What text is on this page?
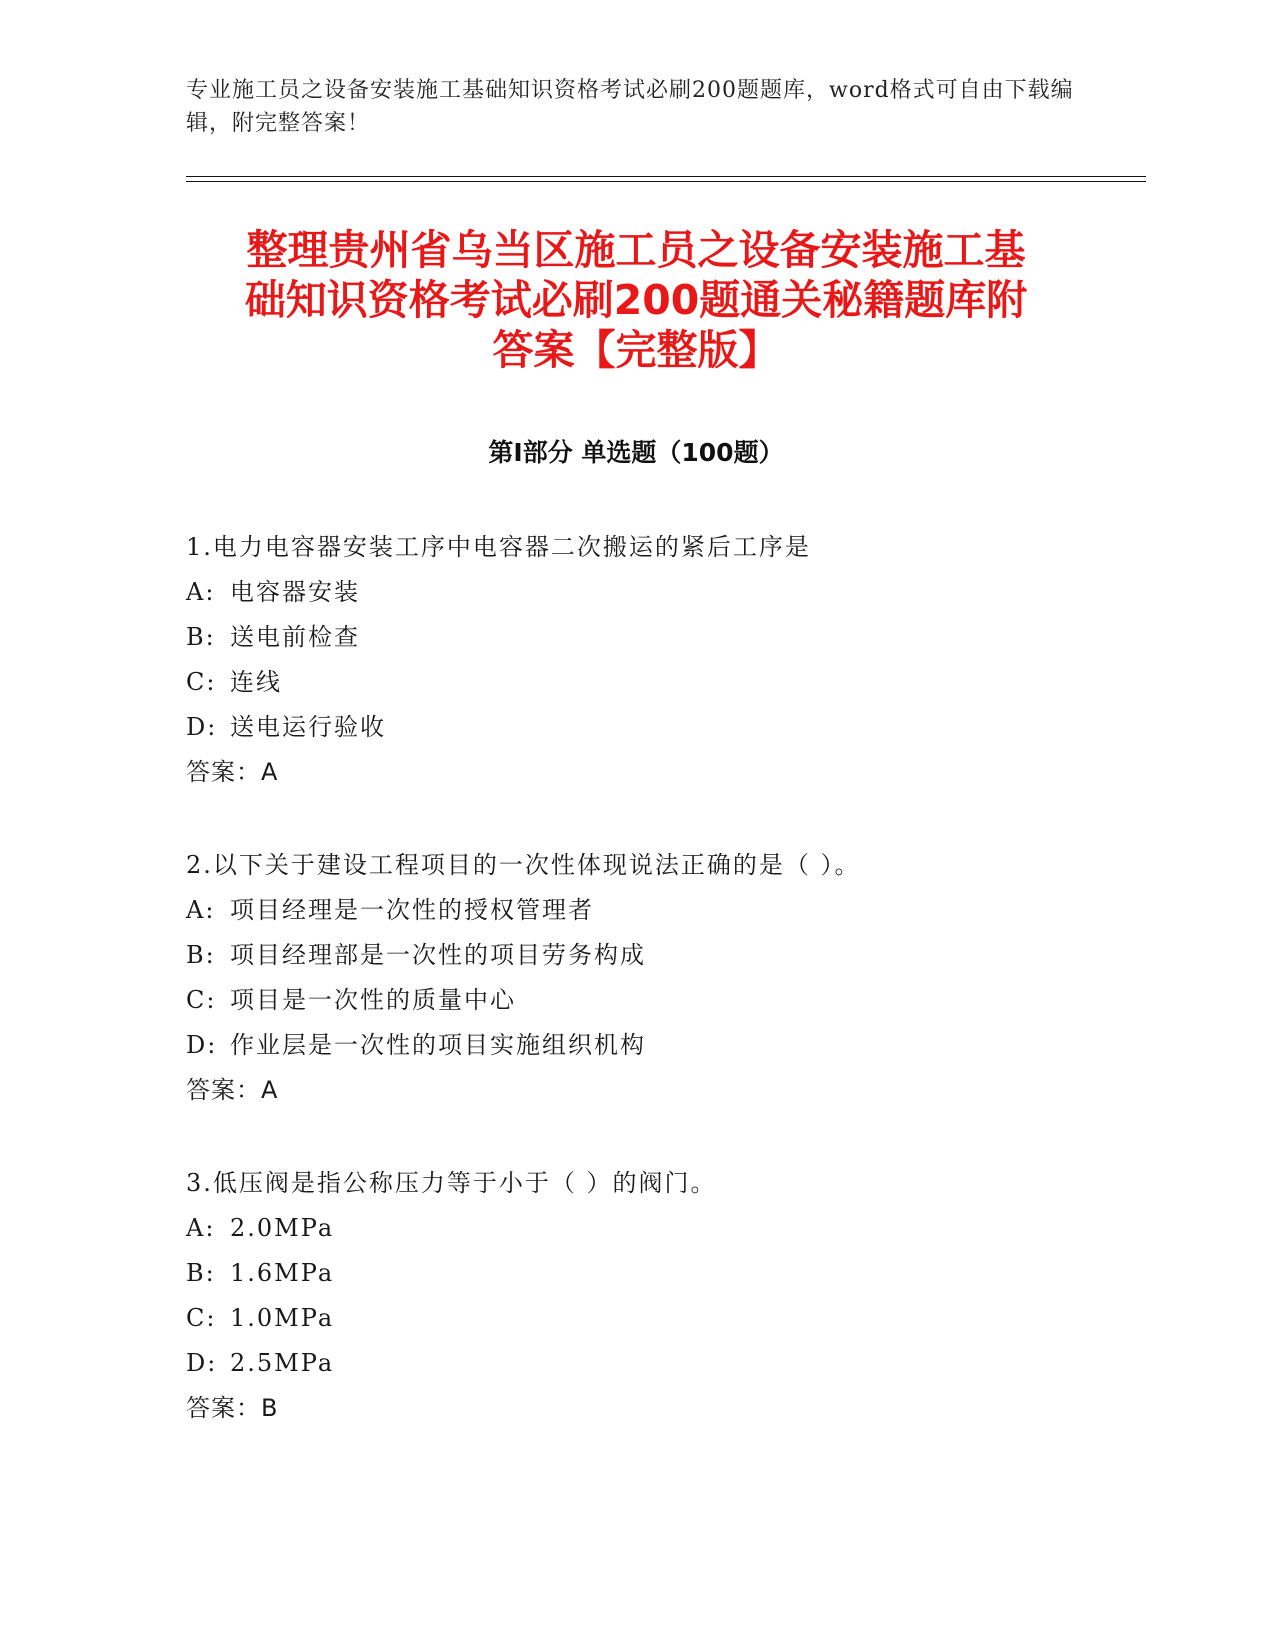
专业施工员之设备安装施工基础知识资格考试必刷200题题库，word格式可自由下载编辑，附完整答案！
整理贵州省乌当区施工员之设备安装施工基
础知识资格考试必刷200题通关秘籍题库附
答案【完整版】
第Ⅰ部分 单选题（100题）
1.电力电容器安装工序中电容器二次搬运的紧后工序是
A: 电容器安装
B: 送电前检查
C: 连线
D: 送电运行验收
答案：A
2.以下关于建设工程项目的一次性体现说法正确的是（ ）。
A: 项目经理是一次性的授权管理者
B: 项目经理部是一次性的项目劳务构成
C: 项目是一次性的质量中心
D: 作业层是一次性的项目实施组织机构
答案：A
3.低压阀是指公称压力等于小于（ ）的阀门。
A: 2.0MPa
B: 1.6MPa
C: 1.0MPa
D: 2.5MPa
答案：B
